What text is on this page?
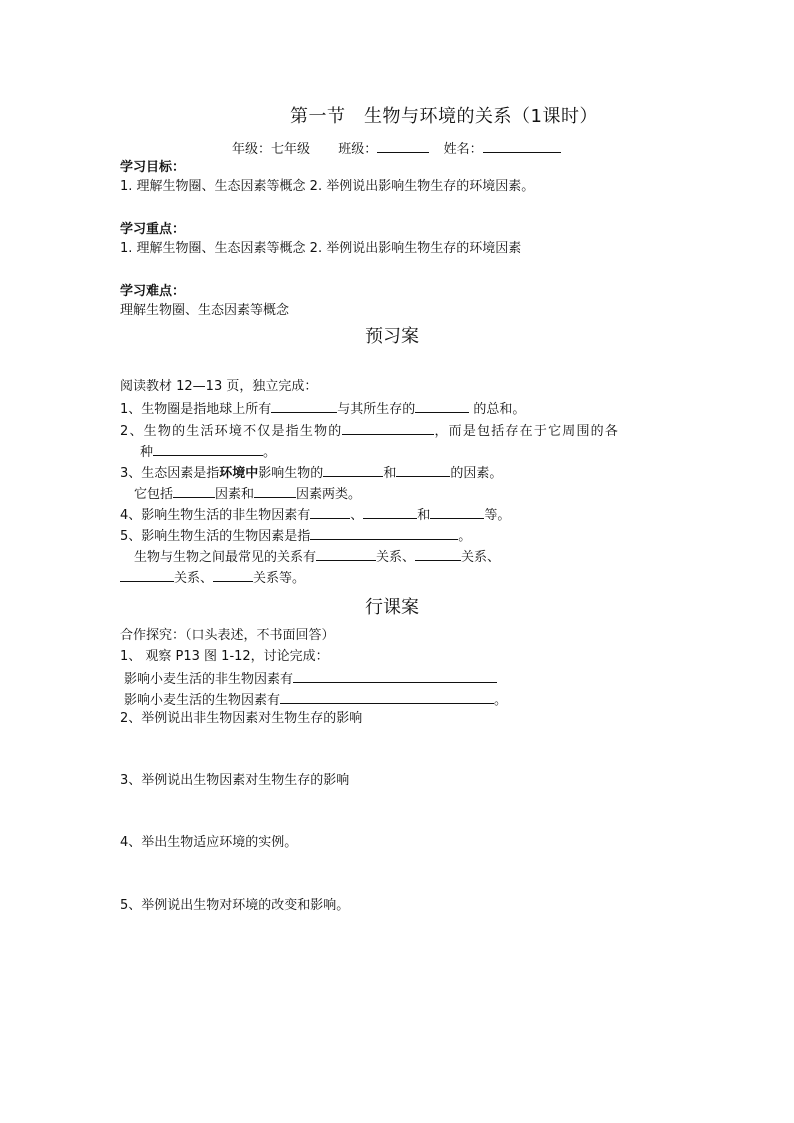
第一节　生物与环境的关系（1课时）
年级：七年级 班级：	姓名：
学习目标：
1. 理解生物圈、生态因素等概念 2. 举例说出影响生物生存的环境因素。
学习重点：
1. 理解生物圈、生态因素等概念 2. 举例说出影响生物生存的环境因素
学习难点：
理解生物圈、生态因素等概念
预习案
阅读教材 12—13 页，独立完成：
1、生物圈是指地球上所有	与其所生存的	的总和。
2、生物的生活环境不仅是指生物的	，而是包括存在于它周围的各
种	。
3、生态因素是指环境中影响生物的	和	的因素。
它包括	因素和	因素两类。
4、影响生物生活的非生物因素有	、	和	等。
5、影响生物生活的生物因素是指	。
生物与生物之间最常见的关系有	关系、	关系、
关系、	关系等。
行课案
合作探究：（口头表述，不书面回答）
1、 观察 P13 图 1-12，讨论完成：
影响小麦生活的非生物因素有
影响小麦生活的生物因素有	。
2、举例说出非生物因素对生物生存的影响
3、举例说出生物因素对生物生存的影响
4、举出生物适应环境的实例。
5、举例说出生物对环境的改变和影响。
